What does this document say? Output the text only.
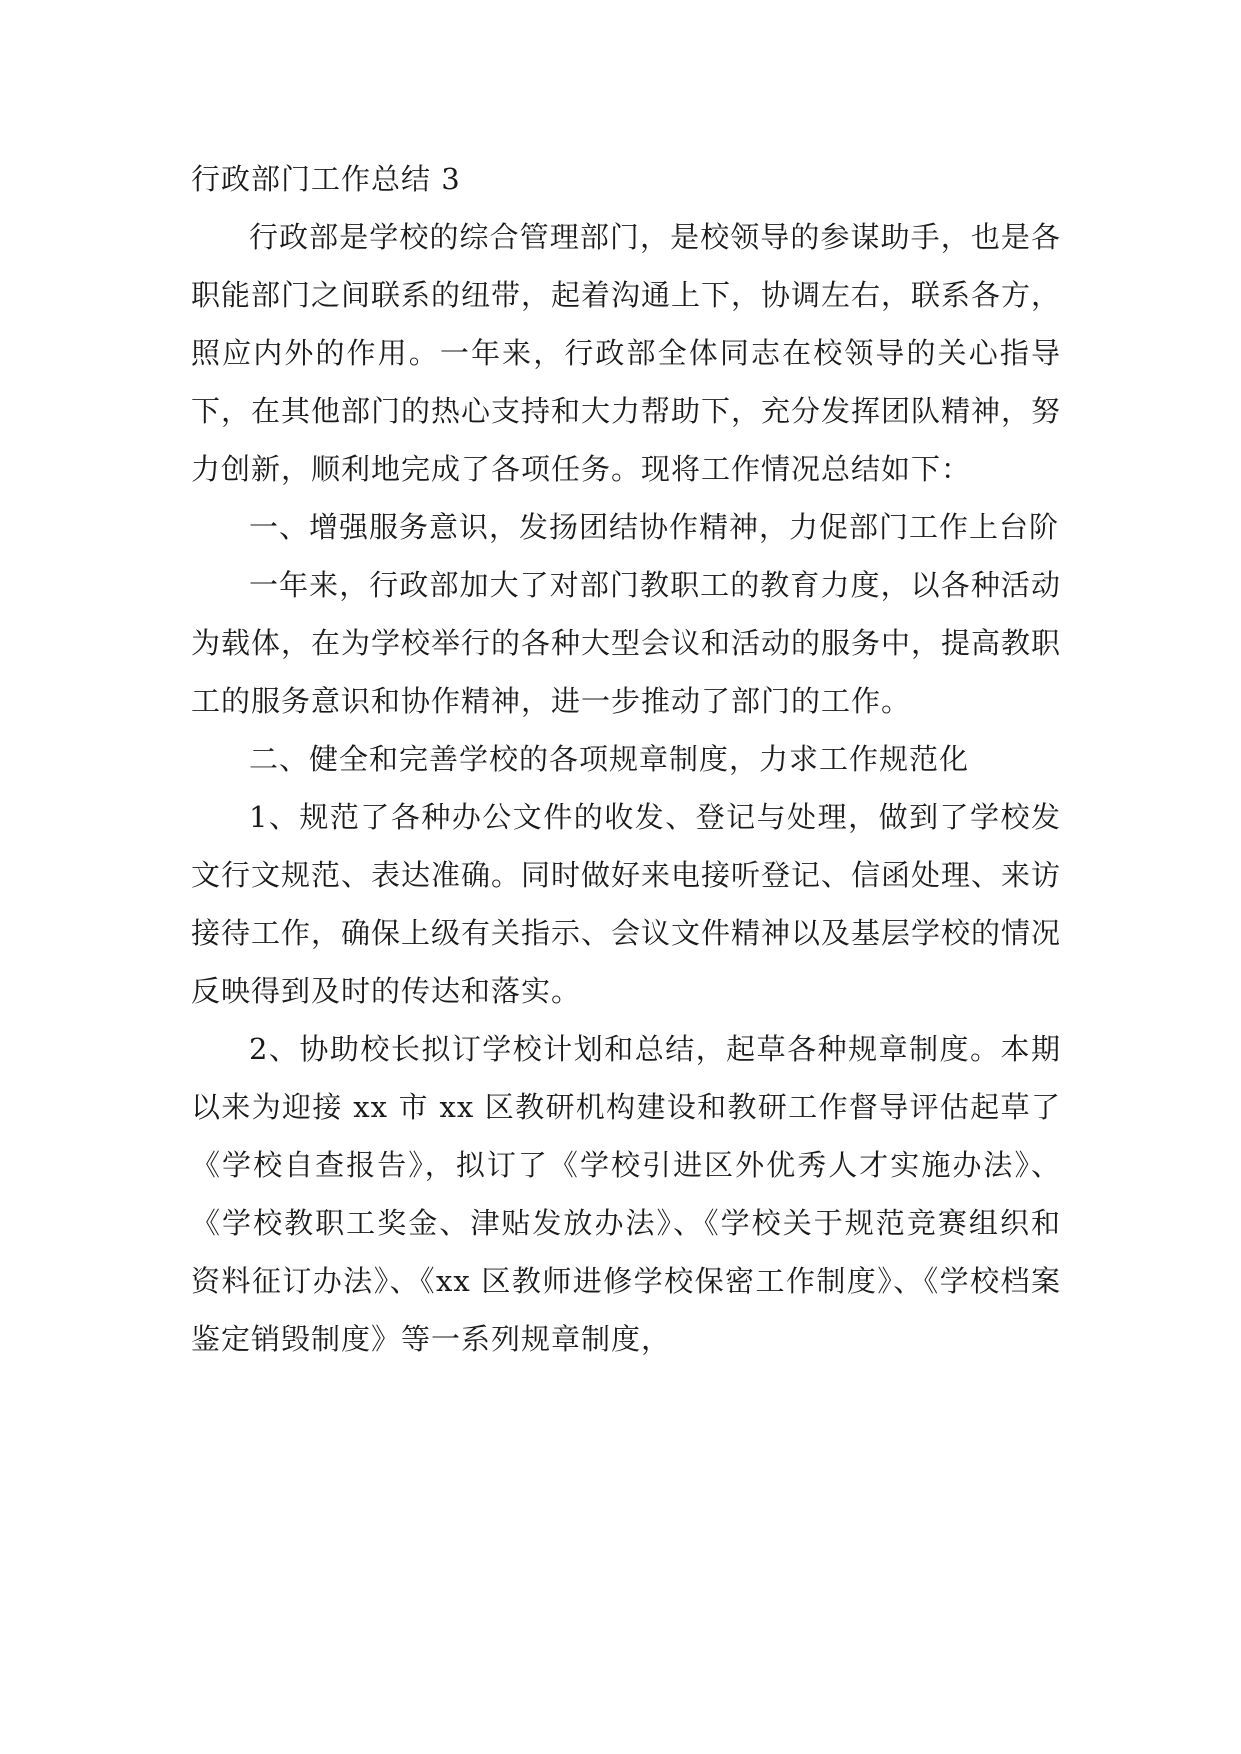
行政部门工作总结 3

行政部是学校的综合管理部门，是校领导的参谋助手，也是各职能部门之间联系的纽带，起着沟通上下，协调左右，联系各方，照应内外的作用。一年来，行政部全体同志在校领导的关心指导下，在其他部门的热心支持和大力帮助下，充分发挥团队精神，努力创新，顺利地完成了各项任务。现将工作情况总结如下：

一、增强服务意识，发扬团结协作精神，力促部门工作上台阶

一年来，行政部加大了对部门教职工的教育力度，以各种活动为载体，在为学校举行的各种大型会议和活动的服务中，提高教职工的服务意识和协作精神，进一步推动了部门的工作。

二、健全和完善学校的各项规章制度，力求工作规范化

1、规范了各种办公文件的收发、登记与处理，做到了学校发文行文规范、表达准确。同时做好来电接听登记、信函处理、来访接待工作，确保上级有关指示、会议文件精神以及基层学校的情况反映得到及时的传达和落实。

2、协助校长拟订学校计划和总结，起草各种规章制度。本期以来为迎接 xx 市 xx 区教研机构建设和教研工作督导评估起草了《学校自查报告》，拟订了《学校引进区外优秀人才实施办法》、《学校教职工奖金、津贴发放办法》、《学校关于规范竞赛组织和资料征订办法》、《xx 区教师进修学校保密工作制度》、《学校档案鉴定销毁制度》等一系列规章制度，
